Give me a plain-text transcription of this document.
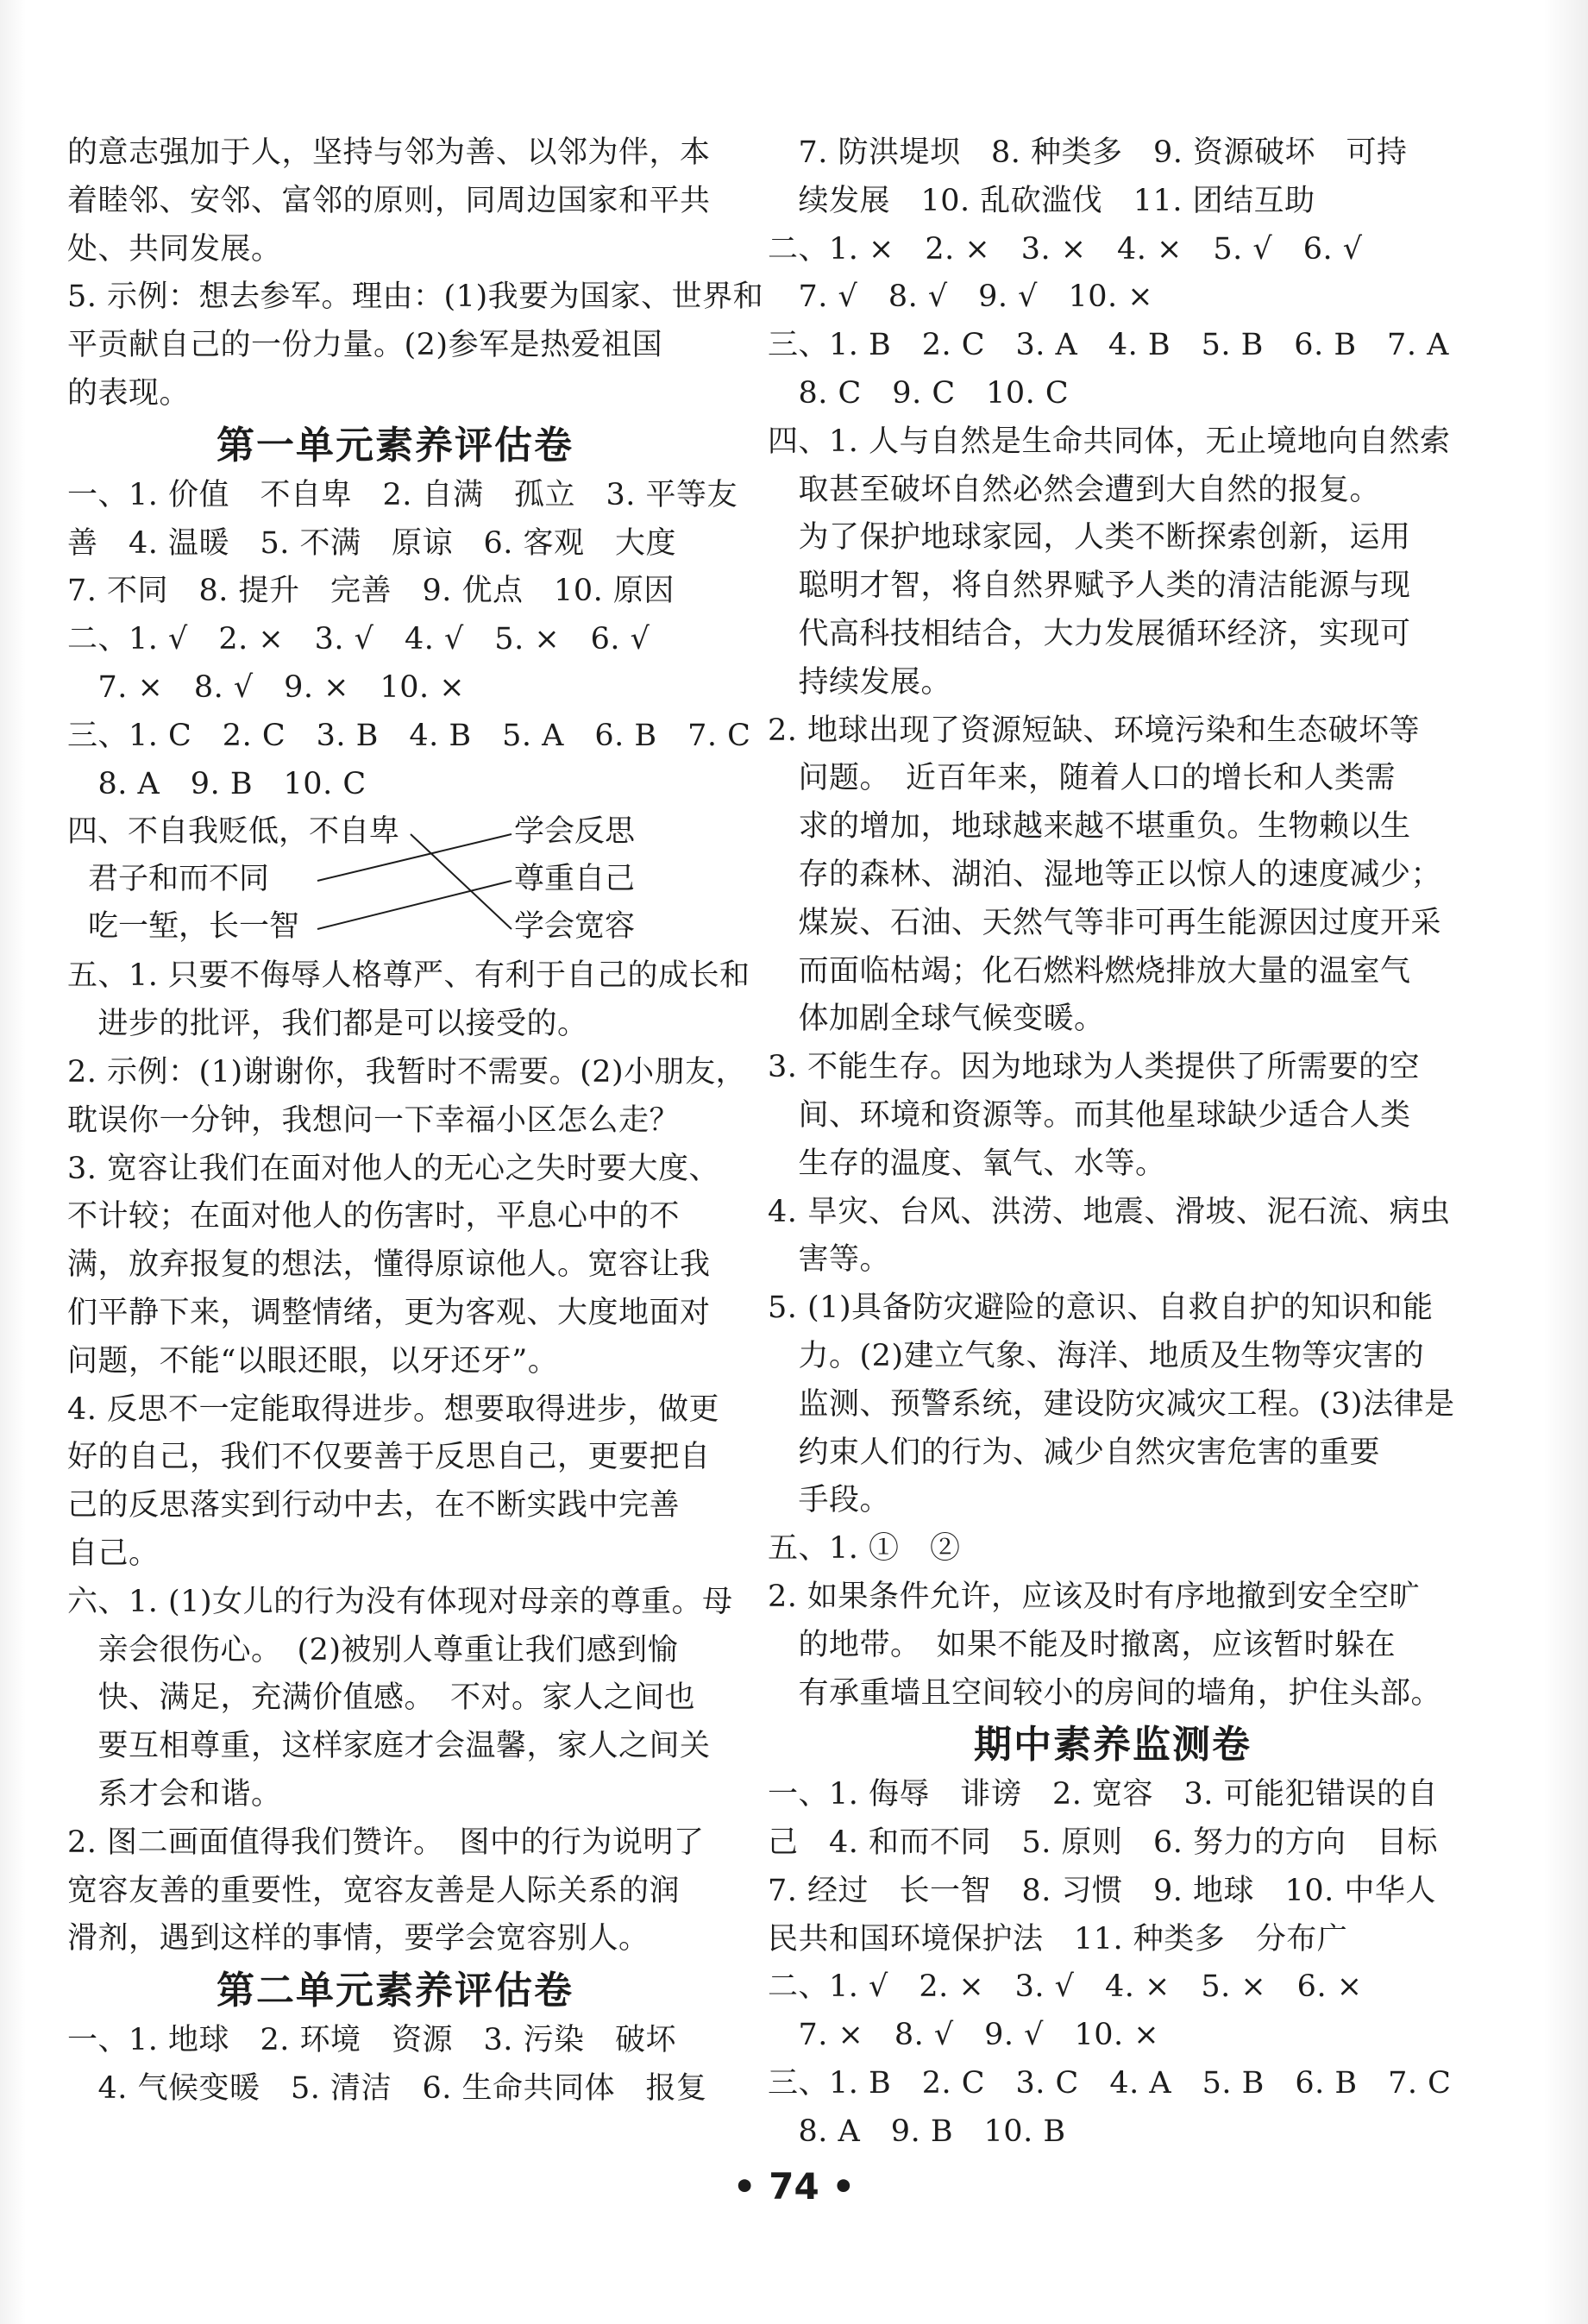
的意志强加于人，坚持与邻为善、以邻为伴，本
着睦邻、安邻、富邻的原则，同周边国家和平共
处、共同发展。
5. 示例：想去参军。理由：(1)我要为国家、世界和
平贡献自己的一份力量。(2)参军是热爱祖国
的表现。
第一单元素养评估卷
一、1. 价值　不自卑　2. 自满　孤立　3. 平等友
善　4. 温暖　5. 不满　原谅　6. 客观　大度
7. 不同　8. 提升　完善　9. 优点　10. 原因
二、1. √　2. ×　3. √　4. √　5. ×　6. √
　7. ×　8. √　9. ×　10. ×
三、1. C　2. C　3. B　4. B　5. A　6. B　7. C
　8. A　9. B　10. C
四、 不自我贬低，不自卑
君子和而不同
吃一堑，长一智
学会反思
尊重自己
学会宽容
五、1. 只要不侮辱人格尊严、有利于自己的成长和
　进步的批评，我们都是可以接受的。
2. 示例：(1)谢谢你，我暂时不需要。(2)小朋友，
耽误你一分钟，我想问一下幸福小区怎么走？
3. 宽容让我们在面对他人的无心之失时要大度、
不计较；在面对他人的伤害时，平息心中的不
满，放弃报复的想法，懂得原谅他人。宽容让我
们平静下来，调整情绪，更为客观、大度地面对
问题，不能“以眼还眼，以牙还牙”。
4. 反思不一定能取得进步。想要取得进步，做更
好的自己，我们不仅要善于反思自己，更要把自
己的反思落实到行动中去，在不断实践中完善
自己。
六、1. (1)女儿的行为没有体现对母亲的尊重。母
　亲会很伤心。　(2)被别人尊重让我们感到愉
　快、满足，充满价值感。　不对。家人之间也
　要互相尊重，这样家庭才会温馨，家人之间关
　系才会和谐。
2. 图二画面值得我们赞许。　图中的行为说明了
宽容友善的重要性，宽容友善是人际关系的润
滑剂，遇到这样的事情，要学会宽容别人。
第二单元素养评估卷
一、1. 地球　2. 环境　资源　3. 污染　破坏
　4. 气候变暖　5. 清洁　6. 生命共同体　报复
　7. 防洪堤坝　8. 种类多　9. 资源破坏　可持
　续发展　10. 乱砍滥伐　11. 团结互助
二、1. ×　2. ×　3. ×　4. ×　5. √　6. √
　7. √　8. √　9. √　10. ×
三、1. B　2. C　3. A　4. B　5. B　6. B　7. A
　8. C　9. C　10. C
四、1. 人与自然是生命共同体，无止境地向自然索
　取甚至破坏自然必然会遭到大自然的报复。
　为了保护地球家园，人类不断探索创新，运用
　聪明才智，将自然界赋予人类的清洁能源与现
　代高科技相结合，大力发展循环经济，实现可
　持续发展。
2. 地球出现了资源短缺、环境污染和生态破坏等
　问题。　近百年来，随着人口的增长和人类需
　求的增加，地球越来越不堪重负。生物赖以生
　存的森林、湖泊、湿地等正以惊人的速度减少；
　煤炭、石油、天然气等非可再生能源因过度开采
　而面临枯竭；化石燃料燃烧排放大量的温室气
　体加剧全球气候变暖。
3. 不能生存。因为地球为人类提供了所需要的空
　间、环境和资源等。而其他星球缺少适合人类
　生存的温度、氧气、水等。
4. 旱灾、台风、洪涝、地震、滑坡、泥石流、病虫
　害等。
5. (1)具备防灾避险的意识、自救自护的知识和能
　力。(2)建立气象、海洋、地质及生物等灾害的
　监测、预警系统，建设防灾减灾工程。(3)法律是
　约束人们的行为、减少自然灾害危害的重要
　手段。
五、1. ①　②
2. 如果条件允许，应该及时有序地撤到安全空旷
　的地带。　如果不能及时撤离，应该暂时躲在
　有承重墙且空间较小的房间的墙角，护住头部。
期中素养监测卷
一、1. 侮辱　诽谤　2. 宽容　3. 可能犯错误的自
己　4. 和而不同　5. 原则　6. 努力的方向　目标
7. 经过　长一智　8. 习惯　9. 地球　10. 中华人
民共和国环境保护法　11. 种类多　分布广
二、1. √　2. ×　3. √　4. ×　5. ×　6. ×
　7. ×　8. √　9. √　10. ×
三、1. B　2. C　3. C　4. A　5. B　6. B　7. C
　8. A　9. B　10. B
• 74 •
